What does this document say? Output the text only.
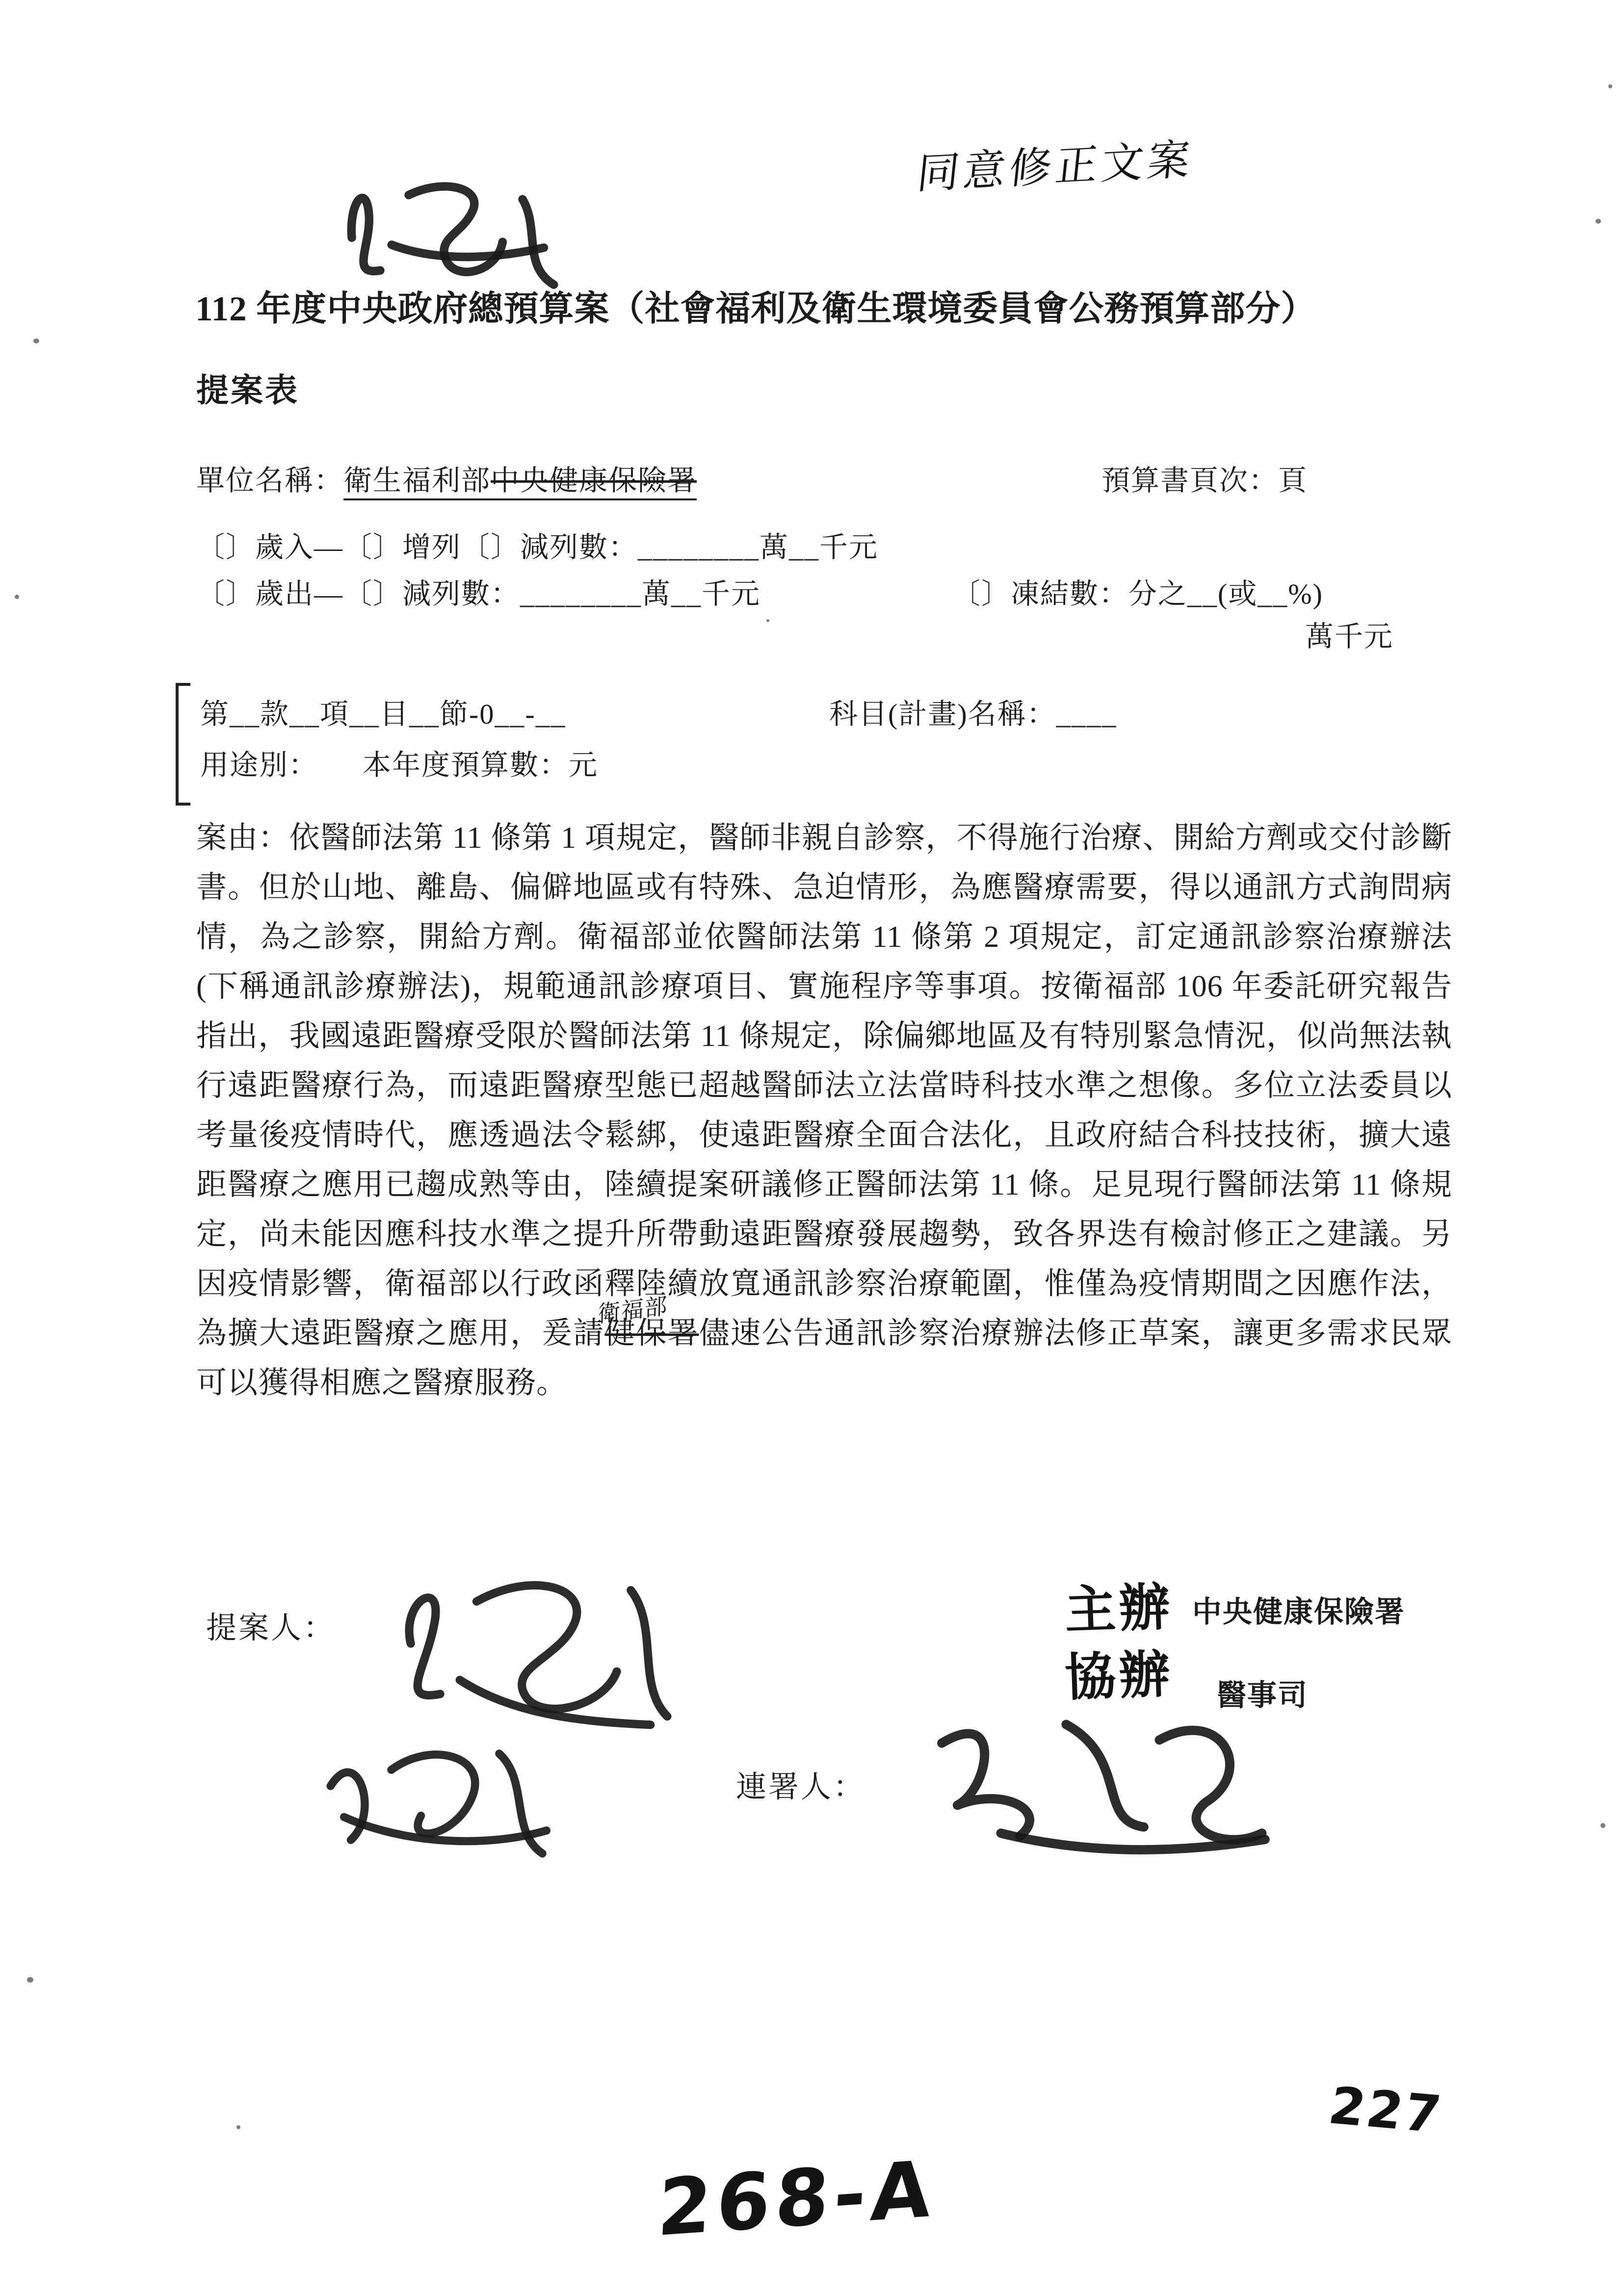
同意修正文案
112 年度中央政府總預算案（社會福利及衛生環境委員會公務預算部分）
提案表
單位名稱：衛生福利部中央健康保險署	預算書頁次：頁
〔〕歲入—〔〕增列〔〕減列數：________萬__千元
〔〕歲出—〔〕減列數：________萬__千元	〔〕凍結數：分之__(或__%)
萬千元
第__款__項__目__節-0__-__	科目(計畫)名稱：____
用途別：　　本年度預算數：元
案由：依醫師法第 11 條第 1 項規定，醫師非親自診察，不得施行治療、開給方劑或交付診斷書。但於山地、離島、偏僻地區或有特殊、急迫情形，為應醫療需要，得以通訊方式詢問病情，為之診察，開給方劑。衛福部並依醫師法第 11 條第 2 項規定，訂定通訊診察治療辦法(下稱通訊診療辦法)，規範通訊診療項目、實施程序等事項。按衛福部 106 年委託研究報告指出，我國遠距醫療受限於醫師法第 11 條規定，除偏鄉地區及有特別緊急情況，似尚無法執行遠距醫療行為，而遠距醫療型態已超越醫師法立法當時科技水準之想像。多位立法委員以考量後疫情時代，應透過法令鬆綁，使遠距醫療全面合法化，且政府結合科技技術，擴大遠距醫療之應用已趨成熟等由，陸續提案研議修正醫師法第 11 條。足見現行醫師法第 11 條規定，尚未能因應科技水準之提升所帶動遠距醫療發展趨勢，致各界迭有檢討修正之建議。另因疫情影響，衛福部以行政函釋陸續放寬通訊診察治療範圍，惟僅為疫情期間之因應作法，為擴大遠距醫療之應用，爰請
衛福部
健保署儘速公告通訊診察治療辦法修正草案，讓更多需求民眾可以獲得相應之醫療服務。
提案人：	主辦 中央健康保險署
協辦 醫事司
連署人：
268-A
227
